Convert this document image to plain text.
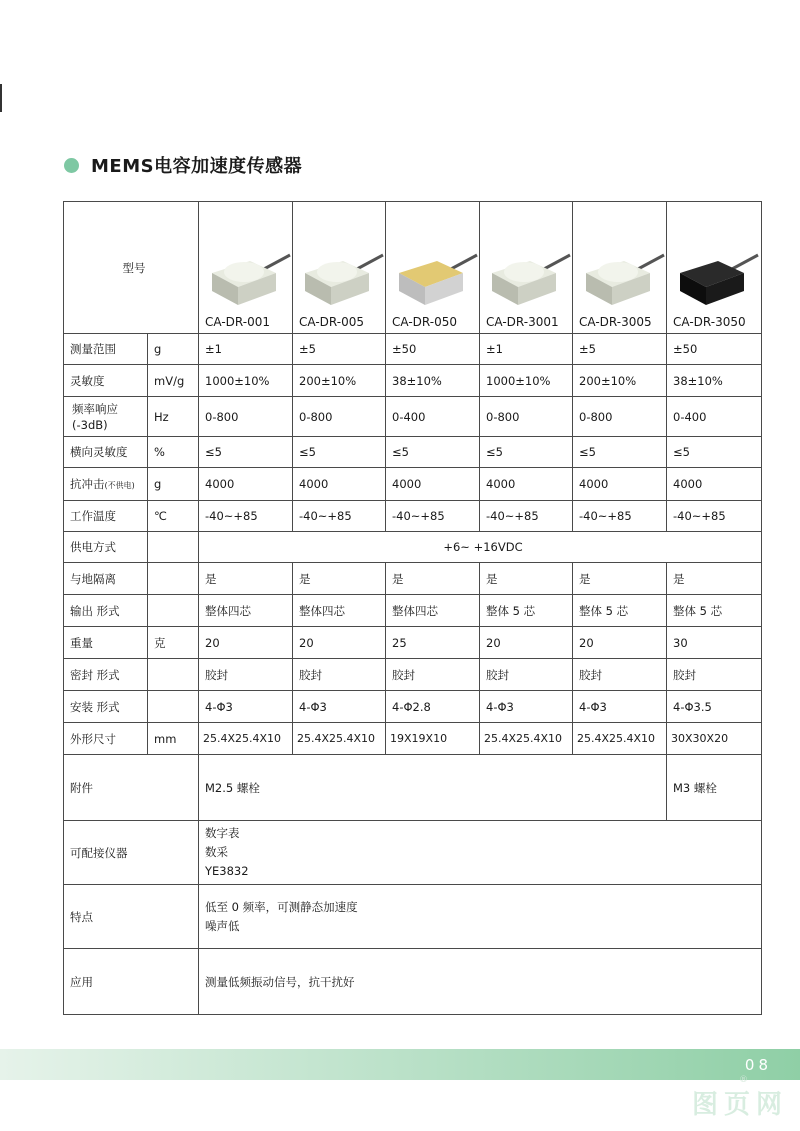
MEMS电容加速度传感器
型号		CA-DR-001	CA-DR-005	CA-DR-050	CA-DR-3001	CA-DR-3005	CA-DR-3050

测量范围	g	±1	±5	±50	±1	±5	±50
灵敏度	mV/g	1000±10%	200±10%	38±10%	1000±10%	200±10%	38±10%

频率响应
(-3dB)	Hz	0-800	0-800	0-400	0-800	0-800	0-400
横向灵敏度	%	≤5	≤5	≤5	≤5	≤5	≤5
抗冲击(不供电)	g	4000	4000	4000	4000	4000	4000
工作温度	℃	-40~+85	-40~+85	-40~+85	-40~+85	-40~+85	-40~+85
供电方式		+6~ +16VDC					
与地隔离		是	是	是	是	是	是
输出 形式		整体四芯	整体四芯	整体四芯	整体 5 芯	整体 5 芯	整体 5 芯
重量	克	20	20	25	20	20	30
密封 形式		胶封	胶封	胶封	胶封	胶封	胶封
安装 形式		4-Φ3	4-Φ3	4-Φ2.8	4-Φ3	4-Φ3	4-Φ3.5
外形尺寸	mm	25.4X25.4X10	25.4X25.4X10	19X19X10	25.4X25.4X10	25.4X25.4X10	30X30X20
附件		M2.5 螺栓					M3 螺栓
可配接仪器		数字表
数采
YE3832					

特点		低至 0 频率，可测静态加速度
噪声低					

应用		测量低频振动信号，抗干扰好					
08
®
图页网
